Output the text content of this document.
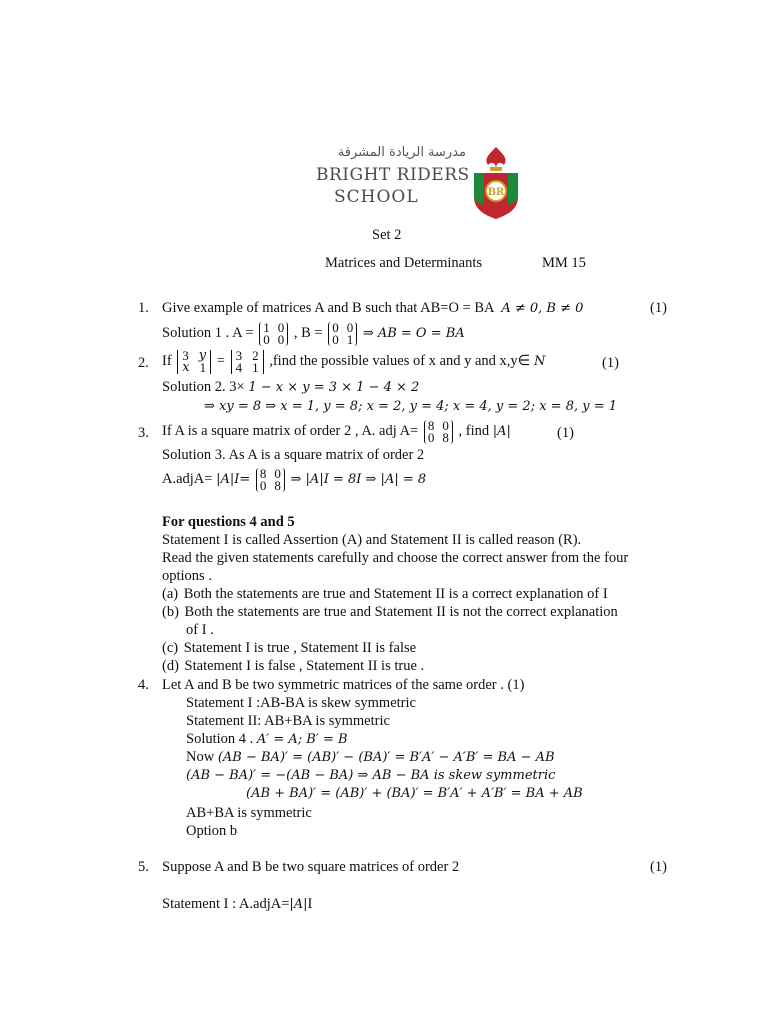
مدرسة الريادة المشرقة
BRIGHT RIDERS
SCHOOL	BR
Set 2
Matrices and Determinants	MM 15
1. Give example of matrices A and B such that AB=O = BA A ≠ 0, B ≠ 0	(1)
Solution 1 . A = 1 0
0 0 , B = 0 0
0 1 ⇒ AB = O = BA
2. If 3 y
x 1 = 3 2
4 1 ,find the possible values of x and y and x,y∈ N	(1)
Solution 2. 3× 1 − x × y = 3 × 1 − 4 × 2
⇒ xy = 8 ⇒ x = 1, y = 8; x = 2, y = 4; x = 4, y = 2; x = 8, y = 1
3. If A is a square matrix of order 2 , A. adj A= 8 0
0 8 , find |A|	(1)
Solution 3. As A is a square matrix of order 2
A.adjA= |A|I= 8 0
0 8 ⇒ |A|I = 8I ⇒ |A| = 8
For questions 4 and 5
Statement I is called Assertion (A) and Statement II is called reason (R).
Read the given statements carefully and choose the correct answer from the four
options .
(a) Both the statements are true and Statement II is a correct explanation of I
(b) Both the statements are true and Statement II is not the correct explanation
of I .
(c) Statement I is true , Statement II is false
(d) Statement I is false , Statement II is true .
4. Let A and B be two symmetric matrices of the same order . (1)
Statement I :AB-BA is skew symmetric
Statement II: AB+BA is symmetric
Solution 4 . A′ = A; B′ = B
Now (AB − BA)′ = (AB)′ − (BA)′ = B′A′ − A′B′ = BA − AB
(AB − BA)′ = −(AB − BA) ⇒ AB − BA is skew symmetric
(AB + BA)′ = (AB)′ + (BA)′ = B′A′ + A′B′ = BA + AB
AB+BA is symmetric
Option b
5. Suppose A and B be two square matrices of order 2	(1)
Statement I : A.adjA=|A|I
